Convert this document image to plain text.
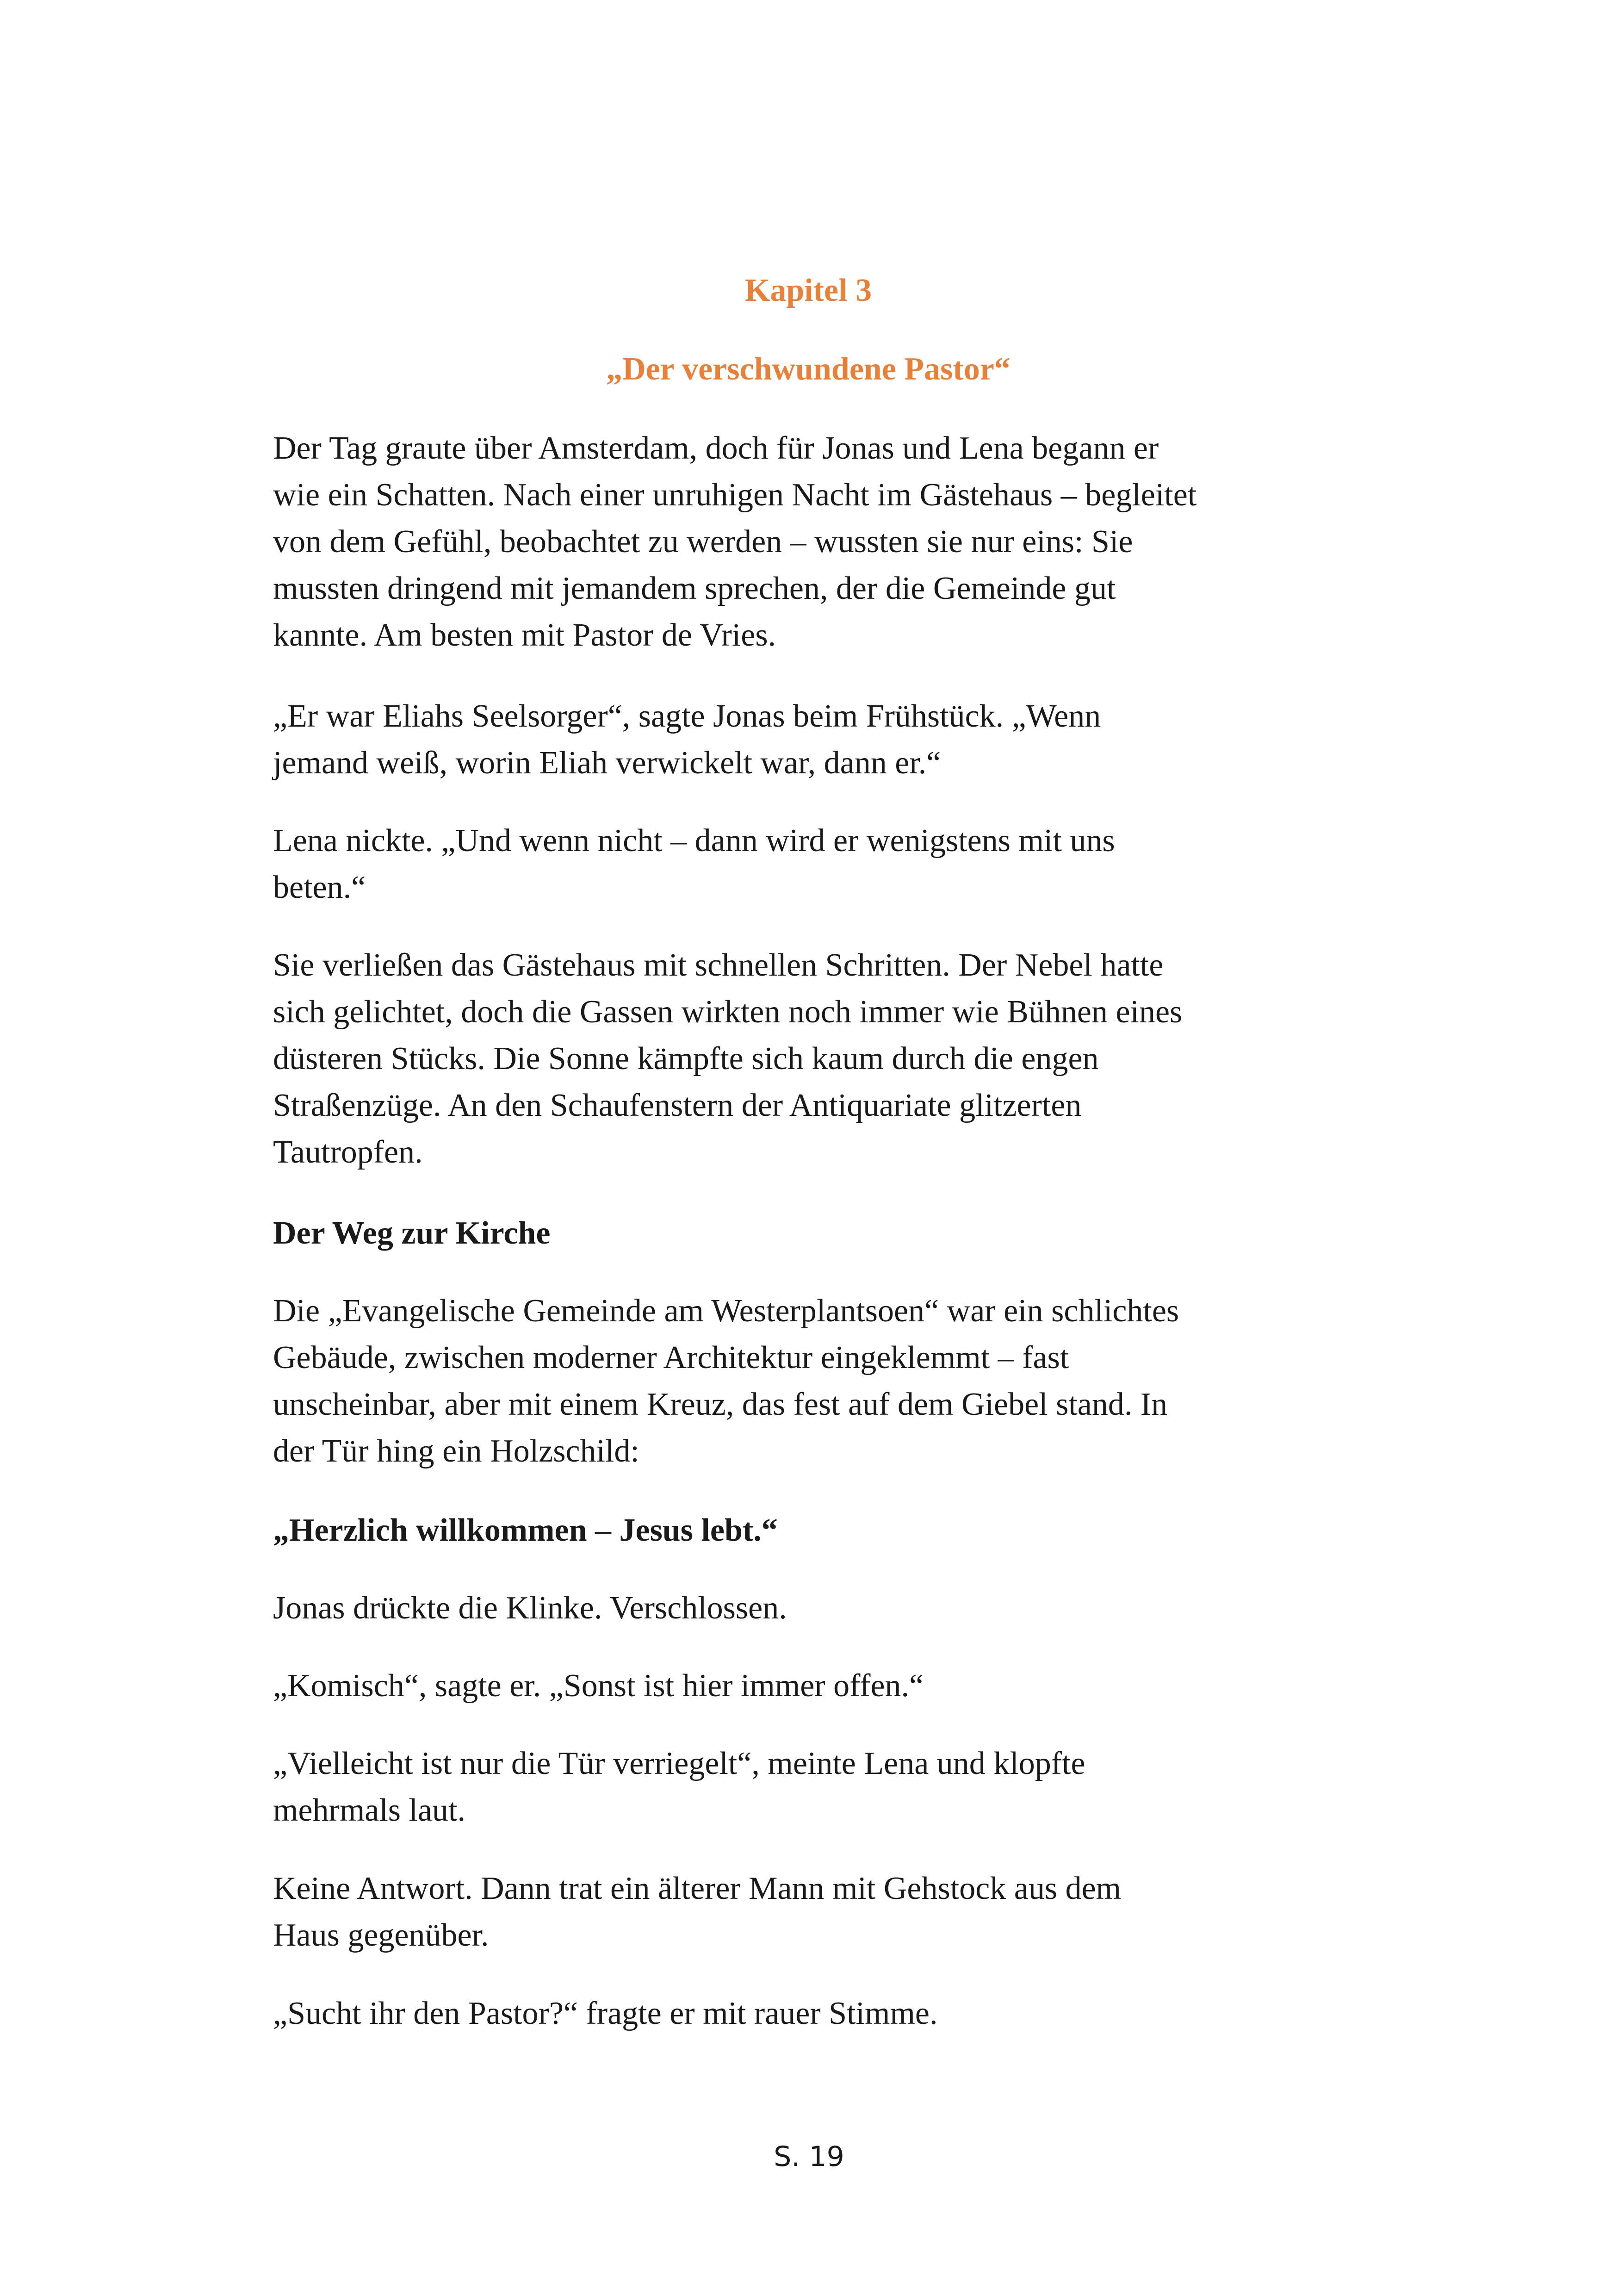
Kapitel 3
„Der verschwundene Pastor“

Der Tag graute über Amsterdam, doch für Jonas und Lena begann er
wie ein Schatten. Nach einer unruhigen Nacht im Gästehaus – begleitet
von dem Gefühl, beobachtet zu werden – wussten sie nur eins: Sie
mussten dringend mit jemandem sprechen, der die Gemeinde gut
kannte. Am besten mit Pastor de Vries.

„Er war Eliahs Seelsorger“, sagte Jonas beim Frühstück. „Wenn
jemand weiß, worin Eliah verwickelt war, dann er.“

Lena nickte. „Und wenn nicht – dann wird er wenigstens mit uns
beten.“

Sie verließen das Gästehaus mit schnellen Schritten. Der Nebel hatte
sich gelichtet, doch die Gassen wirkten noch immer wie Bühnen eines
düsteren Stücks. Die Sonne kämpfte sich kaum durch die engen
Straßenzüge. An den Schaufenstern der Antiquariate glitzerten
Tautropfen.

Der Weg zur Kirche

Die „Evangelische Gemeinde am Westerplantsoen“ war ein schlichtes
Gebäude, zwischen moderner Architektur eingeklemmt – fast
unscheinbar, aber mit einem Kreuz, das fest auf dem Giebel stand. In
der Tür hing ein Holzschild:

„Herzlich willkommen – Jesus lebt.“

Jonas drückte die Klinke. Verschlossen.

„Komisch“, sagte er. „Sonst ist hier immer offen.“

„Vielleicht ist nur die Tür verriegelt“, meinte Lena und klopfte
mehrmals laut.

Keine Antwort. Dann trat ein älterer Mann mit Gehstock aus dem
Haus gegenüber.

„Sucht ihr den Pastor?“ fragte er mit rauer Stimme.

S. 19
